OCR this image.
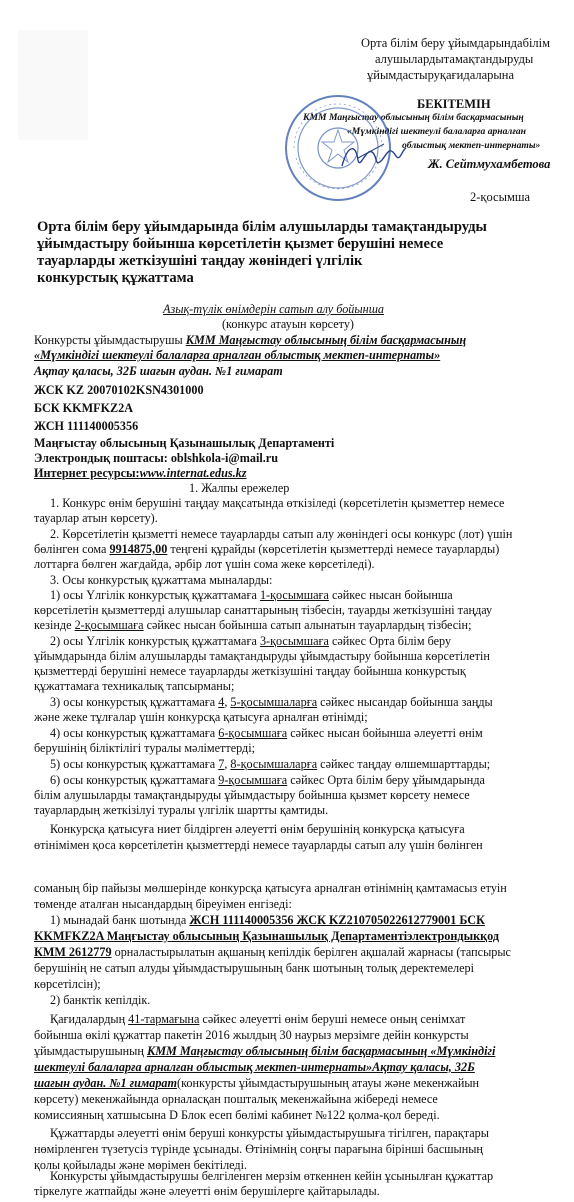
Орта білім беру ұйымдарындабілім
алушылардытамақтандыруды
ұйымдастыруқағидаларына
БЕКІТЕМІН
КММ Маңғыстау облысының білім басқармасының
«Мүмкіндігі шектеулі балаларға арналған
облыстық мектеп-интернаты»
Ж. Сейтмухамбетова
2-қосымша
Орта білім беру ұйымдарында білім алушыларды тамақтандыруды
ұйымдастыру бойынша көрсетілетін қызмет берушіні немесе
тауарларды жеткізушіні таңдау жөніндегі үлгілік
конкурстық құжаттама
Азық-түлік өнімдерін сатып алу бойынша
(конкурс атауын көрсету)
Конкурсты ұйымдастырушы КММ Маңғыстау облысының білім басқармасының
«Мүмкіндігі шектеулі балаларға арналған облыстық мектеп-интернаты»
Ақтау қаласы, 32Б шағын аудан. №1 ғимарат
ЖСК KZ 20070102KSN4301000
БСК KKMFKZ2A
ЖСН 111140005356
Маңғыстау облысының Қазынашылық Департаменті
Электрондық поштасы: oblshkola-i@mail.ru
Интернет ресурсы:www.internat.edus.kz
1. Жалпы ережелер
1. Конкурс өнім берушіні таңдау мақсатында өткізіледі (көрсетілетін қызметтер немесе
тауарлар атын көрсету).
2. Көрсетілетін қызметті немесе тауарларды сатып алу жөніндегі осы конкурс (лот) үшін
бөлінген сома 9914875,00 теңгені құрайды (көрсетілетін қызметтерді немесе тауарларды)
лоттарға бөлген жағдайда, әрбір лот үшін сома жеке көрсетіледі).
3. Осы конкурстық құжаттама мыналарды:
1) осы Үлгілік конкурстық құжаттамаға 1-қосымшаға сәйкес нысан бойынша
көрсетілетін қызметтерді алушылар санаттарының тізбесін, тауарды жеткізушіні таңдау
кезінде 2-қосымшаға сәйкес нысан бойынша сатып алынатын тауарлардың тізбесін;
2) осы Үлгілік конкурстық құжаттамаға 3-қосымшаға сәйкес Орта білім беру
ұйымдарында білім алушыларды тамақтандыруды ұйымдастыру бойынша көрсетілетін
қызметтерді берушіні немесе тауарларды жеткізушіні таңдау бойынша конкурстық
құжаттамаға техникалық тапсырманы;
3) осы конкурстық құжаттамаға 4, 5-қосымшаларға сәйкес нысандар бойынша заңды
және жеке тұлғалар үшін конкурсқа қатысуға арналған өтінімді;
4) осы конкурстық құжаттамаға 6-қосымшаға сәйкес нысан бойынша әлеуетті өнім
берушінің біліктілігі туралы мәліметтерді;
5) осы конкурстық құжаттамаға 7, 8-қосымшаларға сәйкес таңдау өлшемшарттарды;
6) осы конкурстық құжаттамаға 9-қосымшаға сәйкес Орта білім беру ұйымдарында
білім алушыларды тамақтандыруды ұйымдастыру бойынша қызмет көрсету немесе
тауарлардың жеткізілуі туралы үлгілік шартты қамтиды.
Конкурсқа қатысуға ниет білдірген әлеуетті өнім берушінің конкурсқа қатысуға
өтінімімен қоса көрсетілетін қызметтерді немесе тауарларды сатып алу үшін бөлінген
соманың бір пайызы мөлшерінде конкурсқа қатысуға арналған өтінімнің қамтамасыз етуін
төменде аталған нысандардың біреуімен енгізеді:
1) мынадай банк шотында ЖСН 111140005356 ЖСК KZ210705022612779001 БСК
KKMFKZ2A Маңғыстау облысының Қазынашылық Департаментіэлектрондыкқод
КММ 2612779 орналастырылатын ақшаның кепілдік берілген ақшалай жарнасы (тапсырыс
берушінің не сатып алуды ұйымдастырушының банк шотының толық деректемелері
көрсетілсін);
2) банктік кепілдік.
Қағидалардың 41-тармағына сәйкес әлеуетті өнім беруші немесе оның сенімхат
бойынша өкілі құжаттар пакетін 2016 жылдың 30 наурыз мерзімге дейін конкурсты
ұйымдастырушының КММ Маңғыстау облысының білім басқармасының «Мүмкіндігі
шектеулі балаларға арналған облыстық мектеп-интернаты»Ақтау қаласы, 32Б
шағын аудан. №1 ғимарат(конкурсты ұйымдастырушының атауы және мекенжайын
көрсету) мекенжайында орналасқан пошталық мекенжайына жібереді немесе
комиссияның хатшысына D Блок есеп бөлімі кабинет №122 қолма-қол береді.
Құжаттарды әлеуетті өнім беруші конкурсты ұйымдастырушыға тігілген, парақтары
нөмірленген түзетусіз түрінде ұсынады. Өтінімнің соңғы парағына бірінші басшының
қолы қойылады және мөрімен бекітіледі.
Конкурсты ұйымдастырушы белгіленген мерзім өткеннен кейін ұсынылған құжаттар
тіркелуге жатпайды және әлеуетті өнім берушілерге қайтарылады.
